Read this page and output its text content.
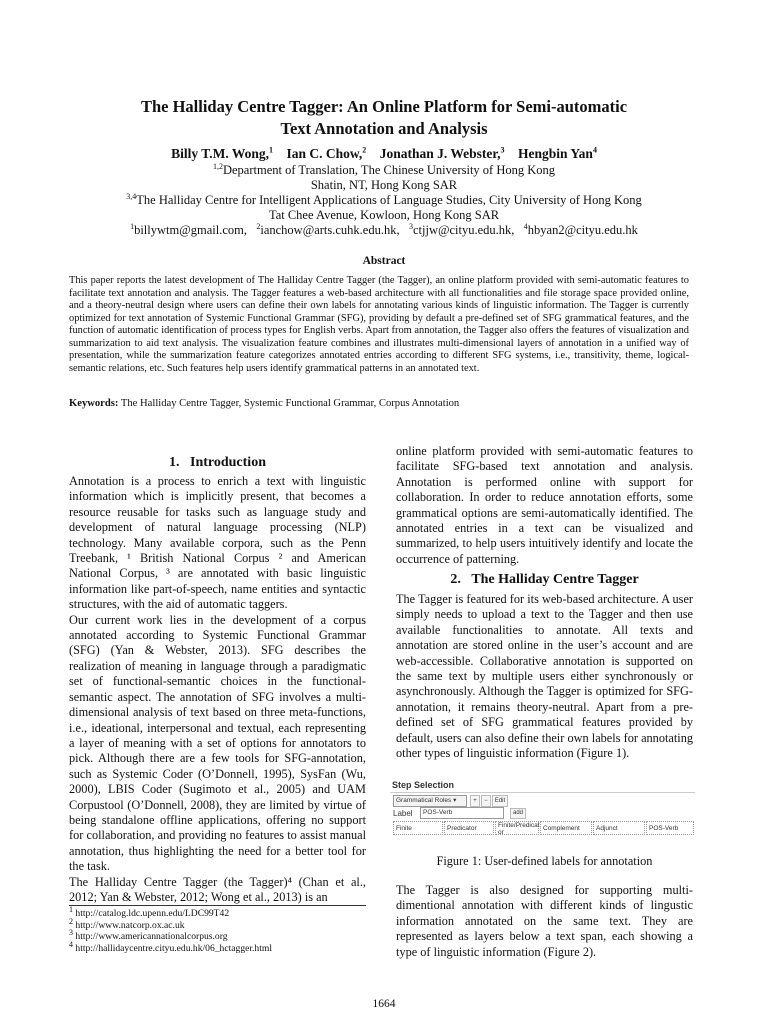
The Halliday Centre Tagger: An Online Platform for Semi-automatic
Text Annotation and Analysis
Billy T.M. Wong,$^1$ Ian C. Chow,$^2$ Jonathan J. Webster,$^3$ Hengbin Yan$^4$
$^{1,2}$Department of Translation, The Chinese University of Hong Kong
Shatin, NT, Hong Kong SAR
$^{3,4}$The Halliday Centre for Intelligent Applications of Language Studies, City University of Hong Kong
Tat Chee Avenue, Kowloon, Hong Kong SAR
$^1$billywtm@gmail.com, $^2$ianchow@arts.cuhk.edu.hk, $^3$ctjjw@cityu.edu.hk, $^4$hbyan2@cityu.edu.hk
Abstract
This paper reports the latest development of The Halliday Centre Tagger (the Tagger), an online platform provided with semi-automatic features to facilitate text annotation and analysis. The Tagger features a web-based architecture with all functionalities and file storage space provided online, and a theory-neutral design where users can define their own labels for annotating various kinds of linguistic information. The Tagger is currently optimized for text annotation of Systemic Functional Grammar (SFG), providing by default a pre-defined set of SFG grammatical features, and the function of automatic identification of process types for English verbs. Apart from annotation, the Tagger also offers the features of visualization and summarization to aid text analysis. The visualization feature combines and illustrates multi-dimensional layers of annotation in a unified way of presentation, while the summarization feature categorizes annotated entries according to different SFG systems, i.e., transitivity, theme, logical-semantic relations, etc. Such features help users identify grammatical patterns in an annotated text.
Keywords: The Halliday Centre Tagger, Systemic Functional Grammar, Corpus Annotation
1.   Introduction

Annotation is a process to enrich a text with linguistic information which is implicitly present, that becomes a resource reusable for tasks such as language study and development of natural language processing (NLP) technology. Many available corpora, such as the Penn Treebank, ¹ British National Corpus ² and American National Corpus, ³ are annotated with basic linguistic information like part-of-speech, name entities and syntactic structures, with the aid of automatic taggers.

Our current work lies in the development of a corpus annotated according to Systemic Functional Grammar (SFG) (Yan & Webster, 2013). SFG describes the realization of meaning in language through a paradigmatic set of functional-semantic choices in the functional-semantic aspect. The annotation of SFG involves a multi-dimensional analysis of text based on three meta-functions, i.e., ideational, interpersonal and textual, each representing a layer of meaning with a set of options for annotators to pick. Although there are a few tools for SFG-annotation, such as Systemic Coder (O’Donnell, 1995), SysFan (Wu, 2000), LBIS Coder (Sugimoto et al., 2005) and UAM Corpustool (O’Donnell, 2008), they are limited by virtue of being standalone offline applications, offering no support for collaboration, and providing no features to assist manual annotation, thus highlighting the need for a better tool for the task.

The Halliday Centre Tagger (the Tagger)⁴ (Chan et al., 2012; Yan & Webster, 2012; Wong et al., 2013) is an

online platform provided with semi-automatic features to facilitate SFG-based text annotation and analysis. Annotation is performed online with support for collaboration. In order to reduce annotation efforts, some grammatical options are semi-automatically identified. The annotated entries in a text can be visualized and summarized, to help users intuitively identify and locate the occurrence of patterning.

2.   The Halliday Centre Tagger

The Tagger is featured for its web-based architecture. A user simply needs to upload a text to the Tagger and then use available functionalities to annotate. All texts and annotation are stored online in the user’s account and are web-accessible. Collaborative annotation is supported on the same text by multiple users either synchronously or asynchronously. Although the Tagger is optimized for SFG-annotation, it remains theory-neutral. Apart from a pre-defined set of SFG grammatical features provided by default, users can also define their own labels for annotating other types of linguistic information (Figure 1).

Step Selection
Grammatical Roles ▾	+	−	Edit
Label	POS-Verb	add
Finite	Predicator	Finite/Predicat or
Complement	Adjunct	POS-Verb
Figure 1: User-defined labels for annotation

The Tagger is also designed for supporting multi-dimentional annotation with different kinds of lingustic information annotated on the same text. They are represented as layers below a text span, each showing a type of linguistic information (Figure 2).

$^1$ http://catalog.ldc.upenn.edu/LDC99T42
$^2$ http://www.natcorp.ox.ac.uk
$^3$ http://www.americannationalcorpus.org
$^4$ http://hallidaycentre.cityu.edu.hk/06_hctagger.html
1664
